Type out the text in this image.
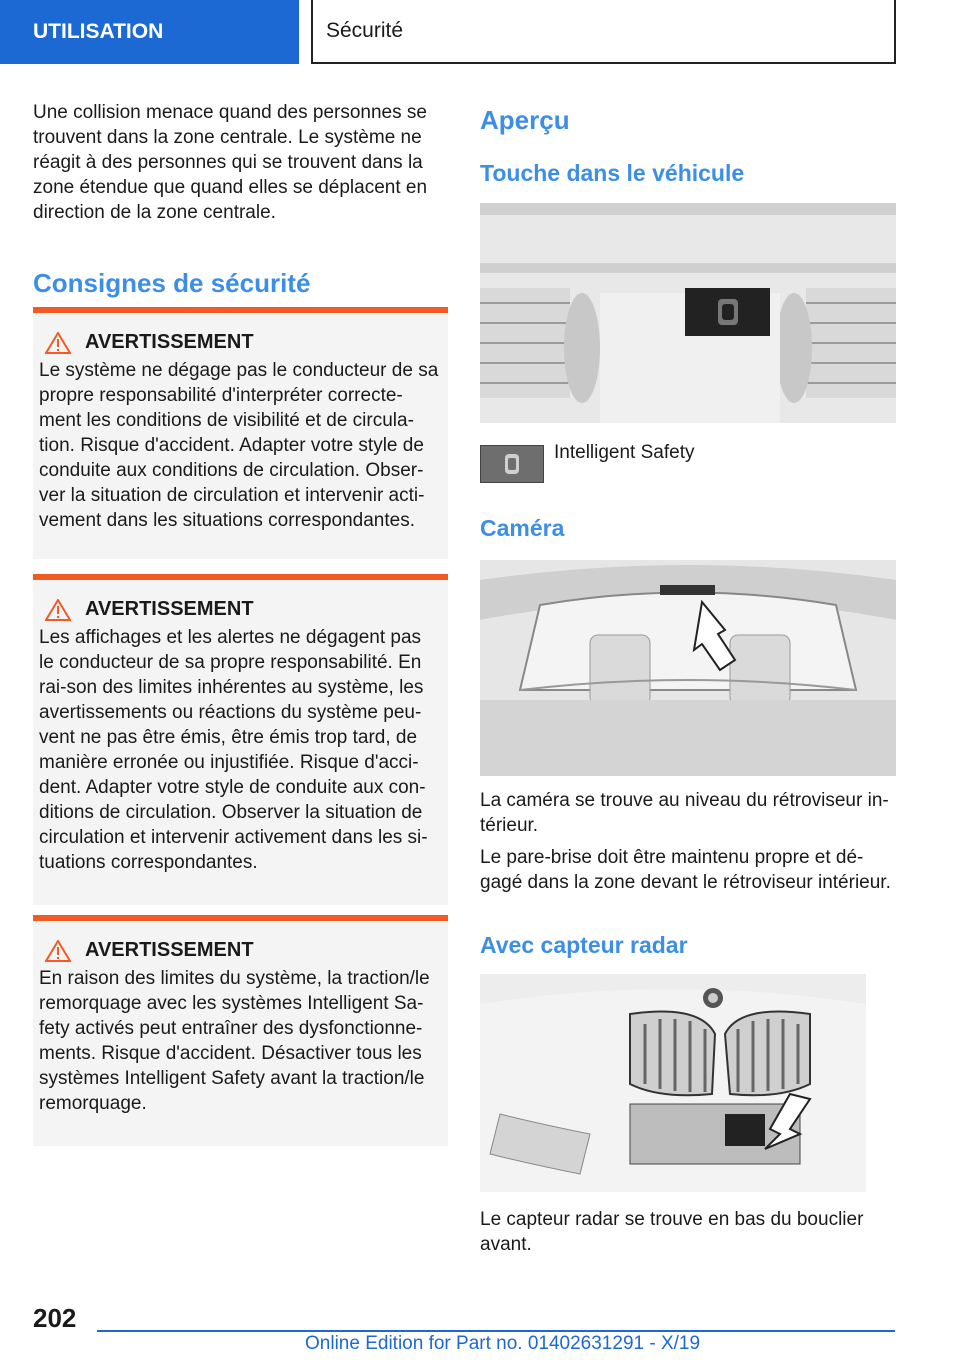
UTILISATION	Sécurité

Une collision menace quand des personnes se trouvent dans la zone centrale. Le système ne réagit à des personnes qui se trouvent dans la zone étendue que quand elles se déplacent en direction de la zone centrale.

Consignes de sécurité
AVERTISSEMENT

Le système ne dégage pas le conducteur de sa propre responsabilité d'interpréter correcte-ment les conditions de visibilité et de circula-tion. Risque d'accident. Adapter votre style de conduite aux conditions de circulation. Obser-ver la situation de circulation et intervenir acti-vement dans les situations correspondantes.

AVERTISSEMENT

Les affichages et les alertes ne dégagent pas le conducteur de sa propre responsabilité. En rai-son des limites inhérentes au système, les avertissements ou réactions du système peu-vent ne pas être émis, être émis trop tard, de manière erronée ou injustifiée. Risque d'acci-dent. Adapter votre style de conduite aux con-ditions de circulation. Observer la situation de circulation et intervenir activement dans les si-tuations correspondantes.

AVERTISSEMENT

En raison des limites du système, la traction/le remorquage avec les systèmes Intelligent Sa-fety activés peut entraîner des dysfonctionne-ments. Risque d'accident. Désactiver tous les systèmes Intelligent Safety avant la traction/le remorquage.

Aperçu
Touche dans le véhicule

Intelligent Safety

Caméra

La caméra se trouve au niveau du rétroviseur in-térieur.

Le pare-brise doit être maintenu propre et dé-gagé dans la zone devant le rétroviseur intérieur.

Avec capteur radar

Le capteur radar se trouve en bas du bouclier avant.

202
Online Edition for Part no. 01402631291 - X/19
